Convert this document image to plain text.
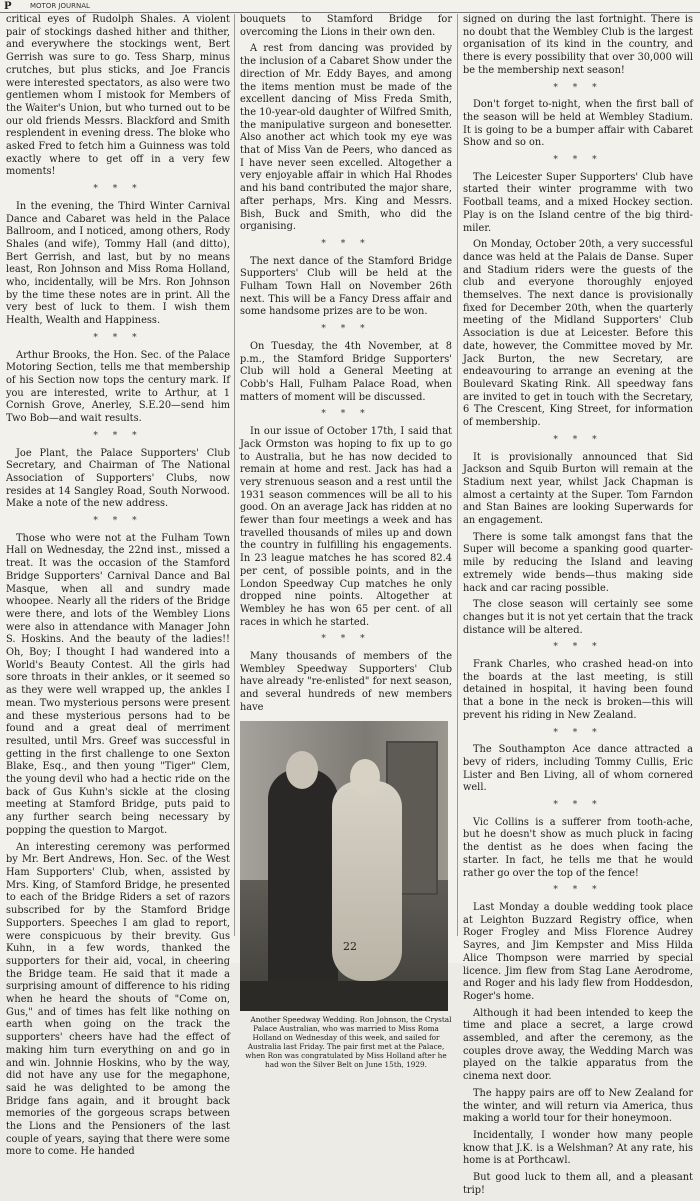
P MOTOR JOURNAL

critical eyes of Rudolph Shales. A violent pair of stockings dashed hither and thither, and everywhere the stockings went, Bert Gerrish was sure to go. Tess Sharp, minus crutches, but plus sticks, and Joe Francis were interested spectators, as also were two gentlemen whom I mistook for Members of the Waiter's Union, but who turned out to be our old friends Messrs. Blackford and Smith resplendent in evening dress. The bloke who asked Fred to fetch him a Guinness was told exactly where to get off in a very few moments!

* * *

In the evening, the Third Winter Carnival Dance and Cabaret was held in the Palace Ballroom, and I noticed, among others, Rody Shales (and wife), Tommy Hall (and ditto), Bert Gerrish, and last, but by no means least, Ron Johnson and Miss Roma Holland, who, incidentally, will be Mrs. Ron Johnson by the time these notes are in print. All the very best of luck to them. I wish them Health, Wealth and Happiness.

* * *

Arthur Brooks, the Hon. Sec. of the Palace Motoring Section, tells me that membership of his Section now tops the century mark. If you are interested, write to Arthur, at 1 Cornish Grove, Anerley, S.E.20—send him Two Bob—and wait results.

* * *

Joe Plant, the Palace Supporters' Club Secretary, and Chairman of The National Association of Supporters' Clubs, now resides at 14 Sangley Road, South Norwood. Make a note of the new address.

* * *

Those who were not at the Fulham Town Hall on Wednesday, the 22nd inst., missed a treat. It was the occasion of the Stamford Bridge Supporters' Carnival Dance and Bal Masque, when all and sundry made whoopee. Nearly all the riders of the Bridge were there, and lots of the Wembley Lions were also in attendance with Manager John S. Hoskins. And the beauty of the ladies!! Oh, Boy; I thought I had wandered into a World's Beauty Contest. All the girls had sore throats in their ankles, or it seemed so as they were well wrapped up, the ankles I mean. Two mysterious persons were present and these mysterious persons had to be found and a great deal of merriment resulted, until Mrs. Greef was successful in getting in the first challenge to one Sexton Blake, Esq., and then young "Tiger" Clem, the young devil who had a hectic ride on the back of Gus Kuhn's sickle at the closing meeting at Stamford Bridge, puts paid to any further search being necessary by popping the question to Margot.

An interesting ceremony was performed by Mr. Bert Andrews, Hon. Sec. of the West Ham Supporters' Club, when, assisted by Mrs. King, of Stamford Bridge, he presented to each of the Bridge Riders a set of razors subscribed for by the Stamford Bridge Supporters. Speeches I am glad to report, were conspicuous by their brevity. Gus Kuhn, in a few words, thanked the supporters for their aid, vocal, in cheering the Bridge team. He said that it made a surprising amount of difference to his riding when he heard the shouts of "Come on, Gus," and of times has felt like nothing on earth when going on the track the supporters' cheers have had the effect of making him turn everything on and go in and win. Johnnie Hoskins, who by the way, did not have any use for the megaphone, said he was delighted to be among the Bridge fans again, and it brought back memories of the gorgeous scraps between the Lions and the Pensioners of the last couple of years, saying that there were some more to come. He handed

bouquets to Stamford Bridge for overcoming the Lions in their own den.

A rest from dancing was provided by the inclusion of a Cabaret Show under the direction of Mr. Eddy Bayes, and among the items mention must be made of the excellent dancing of Miss Freda Smith, the 10-year-old daughter of Wilfred Smith, the manipulative surgeon and bonesetter. Also another act which took my eye was that of Miss Van de Peers, who danced as I have never seen excelled. Altogether a very enjoyable affair in which Hal Rhodes and his band contributed the major share, after perhaps, Mrs. King and Messrs. Bish, Buck and Smith, who did the organising.

* * *

The next dance of the Stamford Bridge Supporters' Club will be held at the Fulham Town Hall on November 26th next. This will be a Fancy Dress affair and some handsome prizes are to be won.

* * *

On Tuesday, the 4th November, at 8 p.m., the Stamford Bridge Supporters' Club will hold a General Meeting at Cobb's Hall, Fulham Palace Road, when matters of moment will be discussed.

* * *

In our issue of October 17th, I said that Jack Ormston was hoping to fix up to go to Australia, but he has now decided to remain at home and rest. Jack has had a very strenuous season and a rest until the 1931 season commences will be all to his good. On an average Jack has ridden at no fewer than four meetings a week and has travelled thousands of miles up and down the country in fulfilling his engagements. In 23 league matches he has scored 82.4 per cent, of possible points, and in the London Speedway Cup matches he only dropped nine points. Altogether at Wembley he has won 65 per cent. of all races in which he started.

* * *

Many thousands of members of the Wembley Speedway Supporters' Club have already "re-enlisted" for next season, and several hundreds of new members have

Another Speedway Wedding. Ron Johnson, the Crystal Palace Australian, who was married to Miss Roma Holland on Wednesday of this week, and sailed for Australia last Friday. The pair first met at the Palace, when Ron was congratulated by Miss Holland after he had won the Silver Belt on June 15th, 1929.

signed on during the last fortnight. There is no doubt that the Wembley Club is the largest organisation of its kind in the country, and there is every possibility that over 30,000 will be the membership next season!

* * *

Don't forget to-night, when the first ball of the season will be held at Wembley Stadium. It is going to be a bumper affair with Cabaret Show and so on.

* * *

The Leicester Super Supporters' Club have started their winter programme with two Football teams, and a mixed Hockey section. Play is on the Island centre of the big third-miler.

On Monday, October 20th, a very successful dance was held at the Palais de Danse. Super and Stadium riders were the guests of the club and everyone thoroughly enjoyed themselves. The next dance is provisionally fixed for December 20th, when the quarterly meeting of the Midland Supporters' Club Association is due at Leicester. Before this date, however, the Committee moved by Mr. Jack Burton, the new Secretary, are endeavouring to arrange an evening at the Boulevard Skating Rink. All speedway fans are invited to get in touch with the Secretary, 6 The Crescent, King Street, for information of membership.

* * *

It is provisionally announced that Sid Jackson and Squib Burton will remain at the Stadium next year, whilst Jack Chapman is almost a certainty at the Super. Tom Farndon and Stan Baines are looking Superwards for an engagement.

There is some talk amongst fans that the Super will become a spanking good quarter-mile by reducing the Island and leaving extremely wide bends—thus making side hack and car racing possible.

The close season will certainly see some changes but it is not yet certain that the track distance will be altered.

* * *

Frank Charles, who crashed head-on into the boards at the last meeting, is still detained in hospital, it having been found that a bone in the neck is broken—this will prevent his riding in New Zealand.

* * *

The Southampton Ace dance attracted a bevy of riders, including Tommy Cullis, Eric Lister and Ben Living, all of whom cornered well.

* * *

Vic Collins is a sufferer from tooth-ache, but he doesn't show as much pluck in facing the dentist as he does when facing the starter. In fact, he tells me that he would rather go over the top of the fence!

* * *

Last Monday a double wedding took place at Leighton Buzzard Registry office, when Roger Frogley and Miss Florence Audrey Sayres, and Jim Kempster and Miss Hilda Alice Thompson were married by special licence. Jim flew from Stag Lane Aerodrome, and Roger and his lady flew from Hoddesdon, Roger's home.

Although it had been intended to keep the time and place a secret, a large crowd assembled, and after the ceremony, as the couples drove away, the Wedding March was played on the talkie apparatus from the cinema next door.

The happy pairs are off to New Zealand for the winter, and will return via America, thus making a world tour for their honeymoon.

Incidentally, I wonder how many people know that J.K. is a Welshman? At any rate, his home is at Porthcawl.

But good luck to them all, and a pleasant trip!

22
